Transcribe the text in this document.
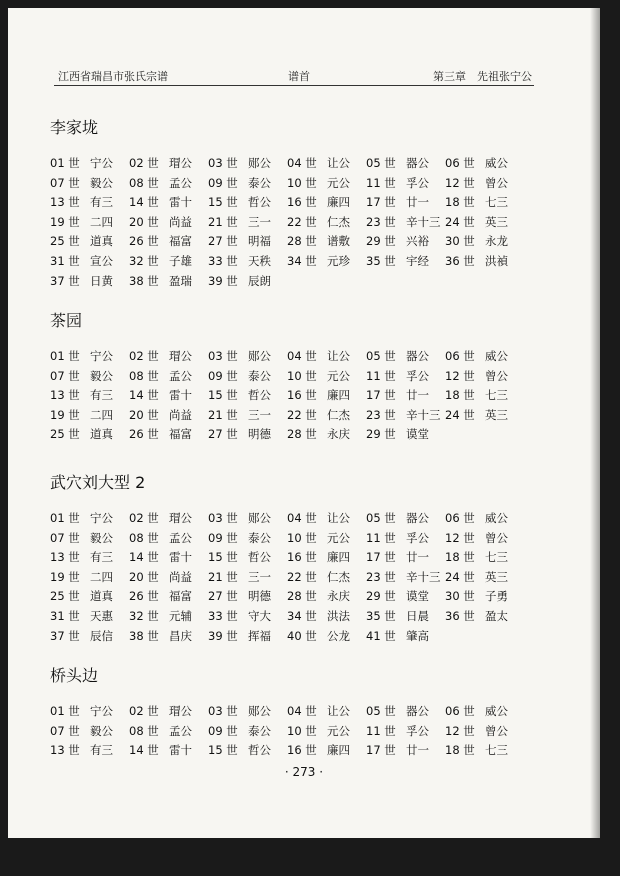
江西省瑞昌市张氏宗谱	谱首	第三章　先祖张宁公
李家垅
01 世 宁公	02 世 瑁公	03 世 郧公	04 世 让公	05 世 器公	06 世 威公
07 世 毅公	08 世 孟公	09 世 泰公	10 世 元公	11 世 孚公	12 世 曾公
13 世 有三	14 世 雷十	15 世 哲公	16 世 廉四	17 世 廿一	18 世 七三
19 世 二四	20 世 尚益	21 世 三一	22 世 仁杰	23 世 辛十三 24 世 英三
25 世 道真	26 世 福富	27 世 明福	28 世 谱敷	29 世 兴裕	30 世 永龙
31 世 宣公	32 世 子雄	33 世 天秩	34 世 元珍	35 世 宇经	36 世 洪禎
37 世 日黄	38 世 盈瑞	39 世 辰朗
茶园
01 世 宁公	02 世 瑁公	03 世 郧公	04 世 让公	05 世 器公	06 世 威公
07 世 毅公	08 世 孟公	09 世 泰公	10 世 元公	11 世 孚公	12 世 曾公
13 世 有三	14 世 雷十	15 世 哲公	16 世 廉四	17 世 廿一	18 世 七三
19 世 二四	20 世 尚益	21 世 三一	22 世 仁杰	23 世 辛十三 24 世 英三
25 世 道真	26 世 福富	27 世 明德	28 世 永庆	29 世 谟堂
武穴刘大型 2
01 世 宁公	02 世 瑁公	03 世 郧公	04 世 让公	05 世 器公	06 世 威公
07 世 毅公	08 世 孟公	09 世 泰公	10 世 元公	11 世 孚公	12 世 曾公
13 世 有三	14 世 雷十	15 世 哲公	16 世 廉四	17 世 廿一	18 世 七三
19 世 二四	20 世 尚益	21 世 三一	22 世 仁杰	23 世 辛十三 24 世 英三
25 世 道真	26 世 福富	27 世 明德	28 世 永庆	29 世 谟堂	30 世 子勇
31 世 天惠	32 世 元辅	33 世 守大	34 世 洪法	35 世 日晨	36 世 盈太
37 世 辰信	38 世 昌庆	39 世 挥福	40 世 公龙	41 世 肇高
桥头边
01 世 宁公	02 世 瑁公	03 世 郧公	04 世 让公	05 世 器公	06 世 威公
07 世 毅公	08 世 孟公	09 世 泰公	10 世 元公	11 世 孚公	12 世 曾公
13 世 有三	14 世 雷十	15 世 哲公	16 世 廉四	17 世 廿一	18 世 七三
· 273 ·
